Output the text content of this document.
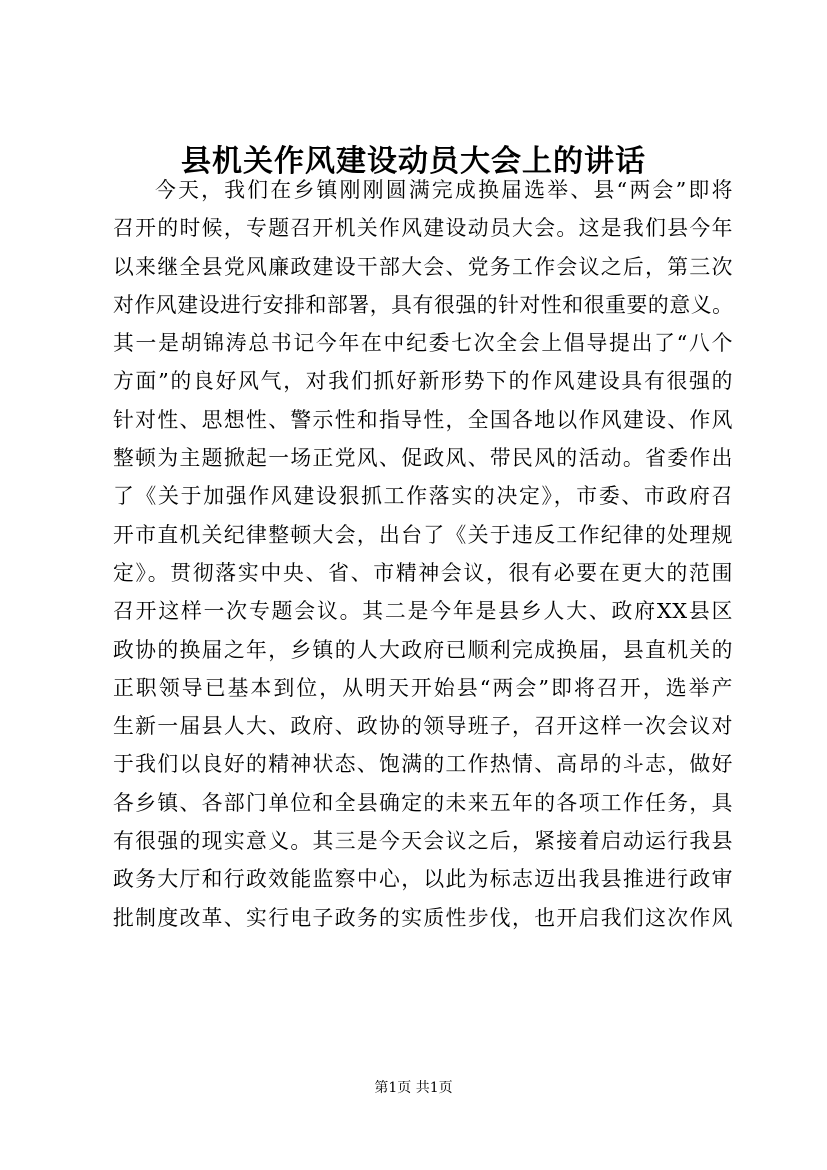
县机关作风建设动员大会上的讲话
今天，我们在乡镇刚刚圆满完成换届选举、县“两会”即将
召开的时候，专题召开机关作风建设动员大会。这是我们县今年
以来继全县党风廉政建设干部大会、党务工作会议之后，第三次
对作风建设进行安排和部署，具有很强的针对性和很重要的意义。
其一是胡锦涛总书记今年在中纪委七次全会上倡导提出了“八个
方面”的良好风气，对我们抓好新形势下的作风建设具有很强的
针对性、思想性、警示性和指导性，全国各地以作风建设、作风
整顿为主题掀起一场正党风、促政风、带民风的活动。省委作出
了《关于加强作风建设狠抓工作落实的决定》，市委、市政府召
开市直机关纪律整顿大会，出台了《关于违反工作纪律的处理规
定》。贯彻落实中央、省、市精神会议，很有必要在更大的范围
召开这样一次专题会议。其二是今年是县乡人大、政府XX县区
政协的换届之年，乡镇的人大政府已顺利完成换届，县直机关的
正职领导已基本到位，从明天开始县“两会”即将召开，选举产
生新一届县人大、政府、政协的领导班子，召开这样一次会议对
于我们以良好的精神状态、饱满的工作热情、高昂的斗志，做好
各乡镇、各部门单位和全县确定的未来五年的各项工作任务，具
有很强的现实意义。其三是今天会议之后，紧接着启动运行我县
政务大厅和行政效能监察中心，以此为标志迈出我县推进行政审
批制度改革、实行电子政务的实质性步伐，也开启我们这次作风
第1页 共1页
